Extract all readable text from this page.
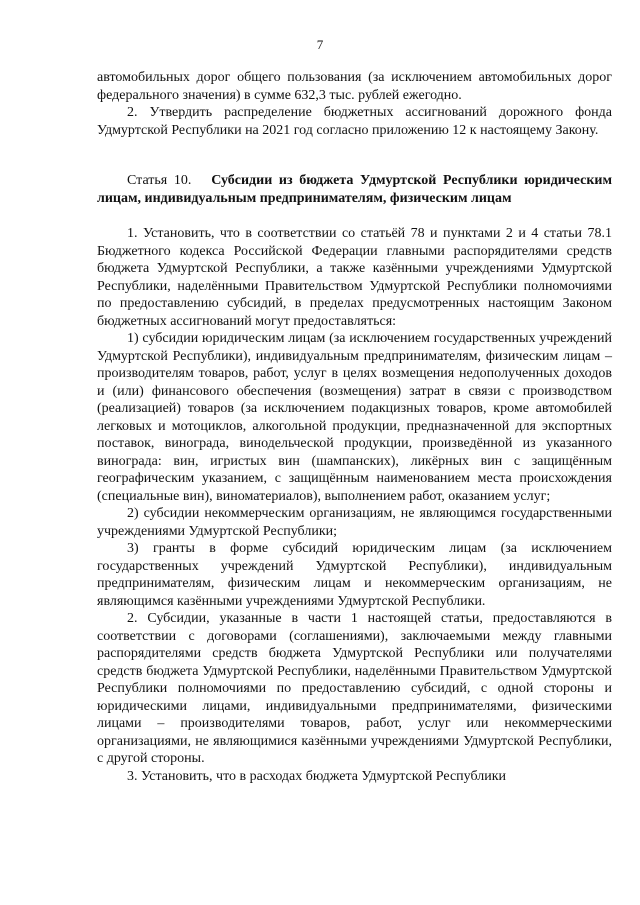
7

автомобильных дорог общего пользования (за исключением автомобильных дорог федерального значения) в сумме 632,3 тыс. рублей ежегодно.

2. Утвердить распределение бюджетных ассигнований дорожного фонда Удмуртской Республики на 2021 год согласно приложению 12 к настоящему Закону.

Статья 10. Субсидии из бюджета Удмуртской Республики юридическим лицам, индивидуальным предпринимателям, физическим лицам

1. Установить, что в соответствии со статьёй 78 и пунктами 2 и 4 статьи 78.1 Бюджетного кодекса Российской Федерации главными распорядителями средств бюджета Удмуртской Республики, а также казёнными учреждениями Удмуртской Республики, наделёнными Правительством Удмуртской Республики полномочиями по предоставлению субсидий, в пределах предусмотренных настоящим Законом бюджетных ассигнований могут предоставляться:

1) субсидии юридическим лицам (за исключением государственных учреждений Удмуртской Республики), индивидуальным предпринимателям, физическим лицам – производителям товаров, работ, услуг в целях возмещения недополученных доходов и (или) финансового обеспечения (возмещения) затрат в связи с производством (реализацией) товаров (за исключением подакцизных товаров, кроме автомобилей легковых и мотоциклов, алкогольной продукции, предназначенной для экспортных поставок, винограда, винодельческой продукции, произведённой из указанного винограда: вин, игристых вин (шампанских), ликёрных вин с защищённым географическим указанием, с защищённым наименованием места происхождения (специальные вин), виноматериалов), выполнением работ, оказанием услуг;

2) субсидии некоммерческим организациям, не являющимся государственными учреждениями Удмуртской Республики;

3) гранты в форме субсидий юридическим лицам (за исключением государственных учреждений Удмуртской Республики), индивидуальным предпринимателям, физическим лицам и некоммерческим организациям, не являющимся казёнными учреждениями Удмуртской Республики.

2. Субсидии, указанные в части 1 настоящей статьи, предоставляются в соответствии с договорами (соглашениями), заключаемыми между главными распорядителями средств бюджета Удмуртской Республики или получателями средств бюджета Удмуртской Республики, наделёнными Правительством Удмуртской Республики полномочиями по предоставлению субсидий, с одной стороны и юридическими лицами, индивидуальными предпринимателями, физическими лицами – производителями товаров, работ, услуг или некоммерческими организациями, не являющимися казёнными учреждениями Удмуртской Республики, с другой стороны.

3. Установить, что в расходах бюджета Удмуртской Республики
